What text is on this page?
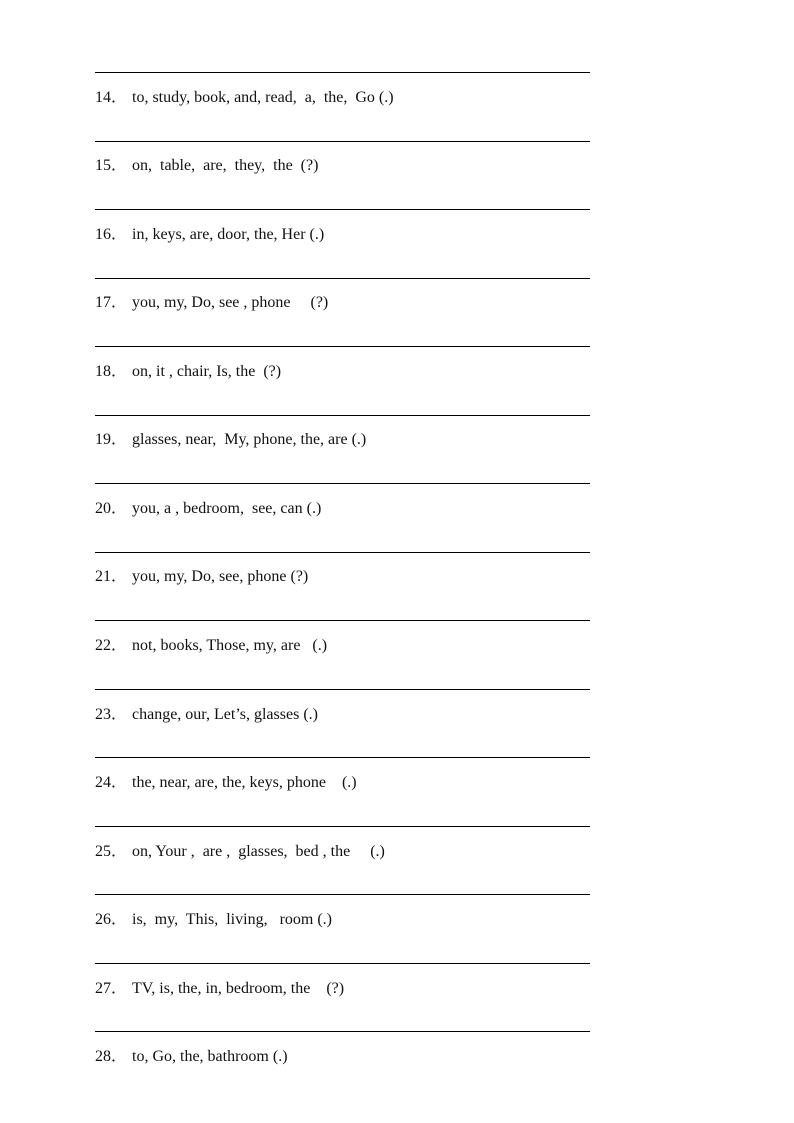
14． to, study, book, and, read,  a,  the,  Go (.)
15． on,  table,  are,  they,  the  (?)
16． in, keys, are, door, the, Her (.)
17． you, my, Do, see , phone     (?)
18． on, it , chair, Is, the  (?)
19． glasses, near,  My, phone, the, are (.)
20． you, a , bedroom,  see, can (.)
21． you, my, Do, see, phone (?)
22． not, books, Those, my, are   (.)
23． change, our, Let’s, glasses (.)
24． the, near, are, the, keys, phone    (.)
25． on, Your ,  are ,  glasses,  bed , the     (.)
26． is,  my,  This,  living,   room (.)
27． TV, is, the, in, bedroom, the    (?)
28． to, Go, the, bathroom (.)
